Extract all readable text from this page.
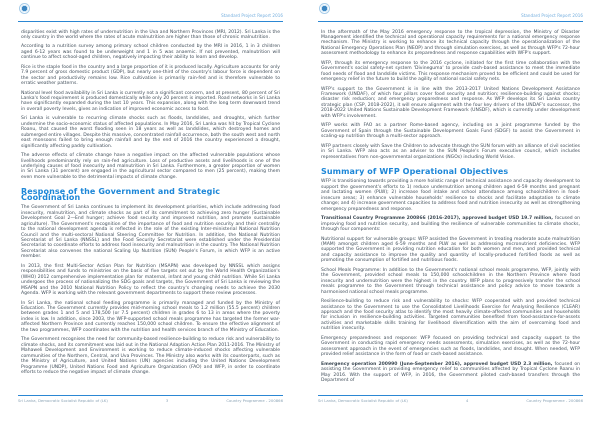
Standard Project Report 2016

disparities exist with high rates of undernutrition in the Uva and Northern Provinces (MRI, 2012). Sri Lanka is the only country in the world where the rates of acute malnutrition are higher than those of chronic malnutrition.

According to a nutrition survey among primary school children conducted by the MRI in 2016, 1 in 3 children aged 6-12 years was found to be underweight and 1 in 5 was anaemic. If not prevented, malnutrition will continue to affect school-aged children, negatively impacting their ability to learn and develop.

Rice is the staple food in the country and a large proportion of it is produced locally. Agriculture accounts for only 7.9 percent of gross domestic product (GDP), but nearly one-third of the country's labour force is dependent on the sector and productivity remains low. Rice cultivation is primarily rain-fed and is therefore vulnerable to erratic weather patterns.

National level food availability in Sri Lanka is currently not a significant concern, and at present, 80 percent of Sri Lanka's food requirement is produced domestically while only 20 percent is imported. Road networks in Sri Lanka have significantly expanded during the last 10 years. This expansion, along with the long term downward trend in overall poverty levels, gives an indication of improved economic access to food.

Sri Lanka is vulnerable to recurring climate shocks such as floods, landslides, and droughts, which further undermine the socio-economic status of affected populations. In May 2016, Sri Lanka was hit by Tropical Cyclone Roanu, that caused the worst flooding seen in 18 years as well as landslides, which destroyed homes and submerged entire villages. Despite this massive, concentrated rainfall occurrence, both the south west and north east monsoons failed to bring enough rainfall and by the end of 2016 the country experienced a drought, significantly affecting paddy cultivation.

The adverse effects of climate change have a negative impact on the affected vulnerable populations whose livelihoods predominantly rely on rain-fed agriculture. Loss of productive assets and livelihoods is one of the underlying causes of food insecurity and malnutrition in Sri Lanka. Furthermore, a greater proportion of women in Sri Lanka (31 percent) are engaged in the agricultural sector compared to men (25 percent), making them even more vulnerable to the detrimental impacts of climate change.

Response of the Government and Strategic Coordination

The Government of Sri Lanka continues to implement its development priorities, which include addressing food insecurity, malnutrition, and climate shocks as part of its commitment to achieving zero hunger (Sustainable Development Goal 2—End hunger; achieve food security and improved nutrition, and promote sustainable agriculture). The Government's recognition of the importance of food and nutrition security and their centrality to the national development agenda is reflected in the role of the existing Inter-ministerial National Nutrition Council and the multi-sectoral National Steering Committee for Nutrition. In addition, the National Nutrition Secretariat of Sri Lanka (NNSSL) and the Food Security Secretariat were established under the Presidential Secretariat to coordinate efforts to address food insecurity and malnutrition in the country. The National Nutrition Secretariat also convenes the national Scaling Up Nutrition (SUN) People's Forum, in which WFP is an active member.

In 2013, the first Multi-Sector Action Plan for Nutrition (MSAPN) was developed by NNSSL which assigns responsibilities and funds to ministries on the basis of five targets set out by the World Health Organization's (WHO) 2012 comprehensive implementation plan for maternal, infant and young child nutrition. While Sri Lanka undergoes the process of nationalizing the SDG goals and targets, the Government of Sri Lanka is reviewing the MSAPN and the 2010 National Nutrition Policy to reflect the country's changing needs to achieve the 2030 Agenda. WFP is working with the relevant government departments to support these review processes.

In Sri Lanka, the national school feeding programme is primarily managed and funded by the Ministry of Education. The Government currently provides mid-morning school meals to 1.2 million (55.5 percent) children between grades 1 and 5 and 178,500 (or 7.5 percent) children in grades 6 to 13 in areas where the poverty index is low. In addition, since 2003, the WFP-supported school meals programme has targeted the former war-affected Northern Province and currently reaches 150,000 school children. To ensure the effective alignment of the two programmes, WFP coordinates with the nutrition and health services branch of the Ministry of Education.

The Government recognises the need for community-based resilience-building to reduce risk and vulnerability to climate shocks, and its commitment was laid out in the National Adaption Action Plan 2011-2016. The Ministry of Mahaweli Development and Environment is working to reduce climate-induced shocks affecting vulnerable communities of the Northern, Central, and Uva Provinces. The Ministry also works with its counterparts, such as the Ministry of Agriculture, and United Nations (UN) agencies including the United Nations Development Programme (UNDP), United Nations Food and Agriculture Organization (FAO) and WFP, in order to coordinate efforts to reduce the negative impact of climate change.

Sri Lanka, Democratic Socialist Republic of (LK)	3	Country Programme - 200866
Standard Project Report 2016

In the aftermath of the May 2016 emergency response to the tropical depression, the Ministry of Disaster Management identified the technical and operational capacity requirements for a national emergency response mechanism. The Ministry is working to enhance its technical capacity through the operationalization of the National Emergency Operations Plan (NEOP) and through simulation exercises, as well as through WFP's 72-hour assessment methodology to enhance its preparedness and response capabilities with WFP's support.

WFP, through its emergency response to the 2016 cyclone, initiated for the first time collaboration with the Government's social safety-net system 'Divineguma' to provide cash-based assistance to meet the immediate food needs of flood and landslide victims. This response mechanism proved to be efficient and could be used for emergency relief in the future to build the agility of national social safety nets.

WFP's support to the Government is in line with the 2013-2017 United Nations Development Assistance Framework (UNDAF), of which four pillars cover food security and nutrition; resilience-building against shocks; disaster risk reduction; and emergency preparedness and response. As WFP develops its Sri Lanka country strategic plan (CSP, 2018-2022), it will ensure alignment with the four key drivers of the UNDAF's successor, the 2018-2022 United Nations Sustainable Development Framework (UNSDF), which is currently under development with WFP's involvement.

WFP works with FAO as a partner Rome-based agency, including on a joint programme funded by the Government of Spain through the Sustainable Development Goals Fund (SDGF) to assist the Government in scaling-up nutrition through a multi-sector approach.

WFP partners closely with Save the Children to advocate through the SUN forum with an alliance of civil societies in Sri Lanka. WFP also acts as an adviser to the SUN People's Forum executive council, which includes representatives from non-governmental organizations (NGOs) including World Vision.

Summary of WFP Operational Objectives

WFP is transitioning towards providing a more holistic range of technical assistance and capacity development to support the government's efforts to 1) reduce undernutrition among children aged 6-59 months and pregnant and lactating women (PLW); 2) increase food intake and school attendance among schoolchildren in food-insecure areas; 3) enhance vulnerable households' resilience to shocks and facilitate adaptation to climate change; and 4) increase government capacities to address food and nutrition insecurity as well as strengthening emergency preparedness and response.

Transitional Country Programme 200866 (2016-2017), approved budget USD 19.7 million, focused on improving food and nutrition security, and building the resilience of vulnerable communities to climate shocks, through four components:

Nutritional support for vulnerable groups: WFP assisted the Government in treating moderate acute malnutrition (MAM) amongst children aged 6-59 months and PLW as well as addressing micronutrient deficiencies. WFP supported the Government in providing nutrition education for both women and men, and provided technical and capacity assistance to improve the quality and quantity of locally-produced fortified foods as well as promoting the consumption of fortified and nutritious foods.

School Meals Programme: In addition to the Government's national school meals programme, WFP, jointly with the Government, provided school meals to 150,000 schoolchildren in the Northern Province where food insecurity and undernutrition were the highest in the country. WFP plans to progressively transfer the school meals programme to the Government through technical assistance and policy advice to move towards a harmonised national school meals programme.

Resilience-building to reduce risk and vulnerability to shocks: WFP cooperated with and provided technical assistance to the Government to use the Consolidated Livelihoods Exercise for Analysing Resilience (CLEAR) approach and the food security atlas to identify the most heavily climate-affected communities and households for inclusion in resilience-building activities. Targeted communities benefited from food-assistance-for-assets activities and marketable skills training for livelihood diversification with the aim of overcoming food and nutrition insecurity.

Emergency preparedness and response: WFP focused on providing technical and capacity support to the Government in conducting rapid emergency needs assessments, simulation exercises, as well as the 72-hour assessment approach in the event of emergencies such as floods, landslides, and drought. When needed, WFP provided relief assistance in the form of food or cash-based assistance.

Emergency operation 200990 (June-September 2016), approved budget USD 2.3 million, focused on assisting the Government in providing emergency relief to communities affected by Tropical Cyclone Roanu in May 2016. With the support of WFP, in 2016, the Government piloted cash-based transfers through the Department of

Sri Lanka, Democratic Socialist Republic of (LK)	4	Country Programme - 200866
